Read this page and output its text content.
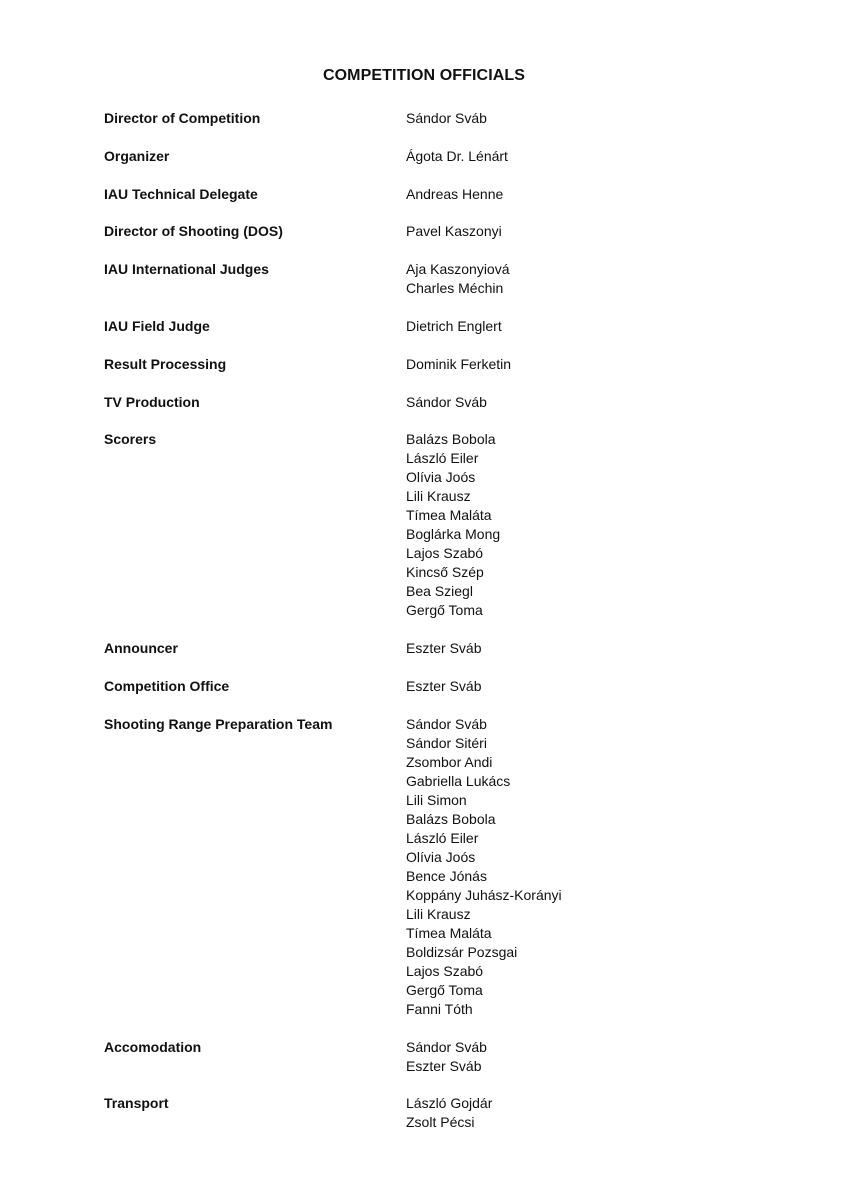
COMPETITION OFFICIALS
Director of Competition	Sándor Sváb
Organizer	Ágota Dr. Lénárt
IAU Technical Delegate	Andreas Henne
Director of Shooting (DOS)	Pavel Kaszonyi
IAU International Judges	Aja Kaszonyiová
Charles Méchin
IAU Field Judge	Dietrich Englert
Result Processing	Dominik Ferketin
TV Production	Sándor Sváb
Scorers	Balázs Bobola
László Eiler
Olívia Joós
Lili Krausz
Tímea Maláta
Boglárka Mong
Lajos Szabó
Kincső Szép
Bea Sziegl
Gergő Toma
Announcer	Eszter Sváb
Competition Office	Eszter Sváb
Shooting Range Preparation Team	Sándor Sváb
Sándor Sitéri
Zsombor Andi
Gabriella Lukács
Lili Simon
Balázs Bobola
László Eiler
Olívia Joós
Bence Jónás
Koppány Juhász-Korányi
Lili Krausz
Tímea Maláta
Boldizsár Pozsgai
Lajos Szabó
Gergő Toma
Fanni Tóth
Accomodation	Sándor Sváb
Eszter Sváb
Transport	László Gojdár
Zsolt Pécsi
